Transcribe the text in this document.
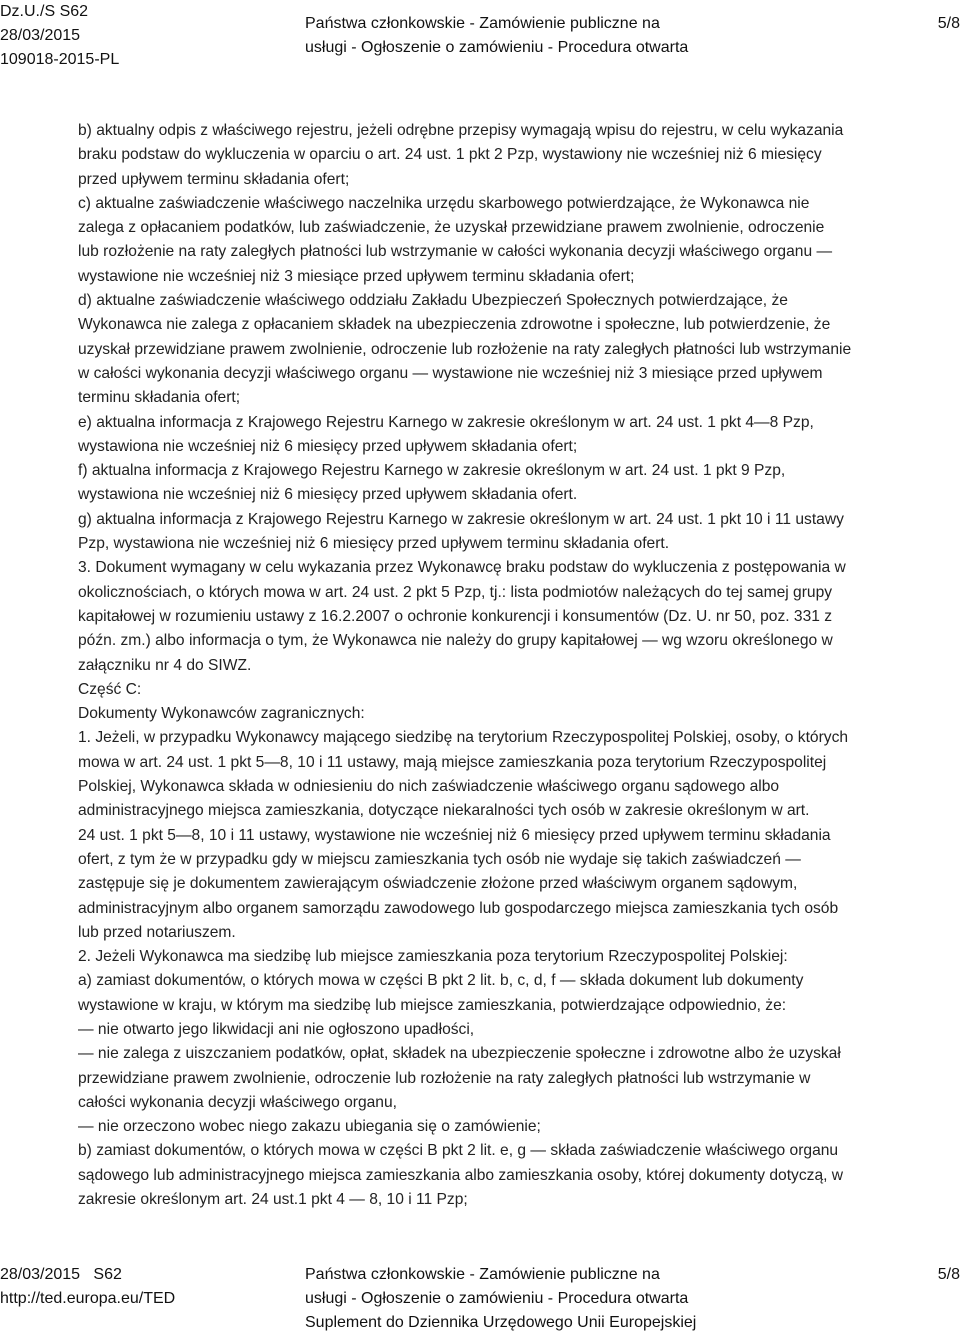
Dz.U./S S62
28/03/2015
109018-2015-PL
Państwa członkowskie - Zamówienie publiczne na
usługi - Ogłoszenie o zamówieniu - Procedura otwarta
5/8

b) aktualny odpis z właściwego rejestru, jeżeli odrębne przepisy wymagają wpisu do rejestru, w celu wykazania

braku podstaw do wykluczenia w oparciu o art. 24 ust. 1 pkt 2 Pzp, wystawiony nie wcześniej niż 6 miesięcy

przed upływem terminu składania ofert;

c) aktualne zaświadczenie właściwego naczelnika urzędu skarbowego potwierdzające, że Wykonawca nie

zalega z opłacaniem podatków, lub zaświadczenie, że uzyskał przewidziane prawem zwolnienie, odroczenie

lub rozłożenie na raty zaległych płatności lub wstrzymanie w całości wykonania decyzji właściwego organu —

wystawione nie wcześniej niż 3 miesiące przed upływem terminu składania ofert;

d) aktualne zaświadczenie właściwego oddziału Zakładu Ubezpieczeń Społecznych potwierdzające, że

Wykonawca nie zalega z opłacaniem składek na ubezpieczenia zdrowotne i społeczne, lub potwierdzenie, że

uzyskał przewidziane prawem zwolnienie, odroczenie lub rozłożenie na raty zaległych płatności lub wstrzymanie

w całości wykonania decyzji właściwego organu — wystawione nie wcześniej niż 3 miesiące przed upływem

terminu składania ofert;

e) aktualna informacja z Krajowego Rejestru Karnego w zakresie określonym w art. 24 ust. 1 pkt 4—8 Pzp,

wystawiona nie wcześniej niż 6 miesięcy przed upływem składania ofert;

f) aktualna informacja z Krajowego Rejestru Karnego w zakresie określonym w art. 24 ust. 1 pkt 9 Pzp,

wystawiona nie wcześniej niż 6 miesięcy przed upływem składania ofert.

g) aktualna informacja z Krajowego Rejestru Karnego w zakresie określonym w art. 24 ust. 1 pkt 10 i 11 ustawy

Pzp, wystawiona nie wcześniej niż 6 miesięcy przed upływem terminu składania ofert.

3. Dokument wymagany w celu wykazania przez Wykonawcę braku podstaw do wykluczenia z postępowania w

okolicznościach, o których mowa w art. 24 ust. 2 pkt 5 Pzp, tj.: lista podmiotów należących do tej samej grupy

kapitałowej w rozumieniu ustawy z 16.2.2007 o ochronie konkurencji i konsumentów (Dz. U. nr 50, poz. 331 z

późn. zm.) albo informacja o tym, że Wykonawca nie należy do grupy kapitałowej — wg wzoru określonego w

załączniku nr 4 do SIWZ.

Część C:

Dokumenty Wykonawców zagranicznych:

1. Jeżeli, w przypadku Wykonawcy mającego siedzibę na terytorium Rzeczypospolitej Polskiej, osoby, o których

mowa w art. 24 ust. 1 pkt 5—8, 10 i 11 ustawy, mają miejsce zamieszkania poza terytorium Rzeczypospolitej

Polskiej, Wykonawca składa w odniesieniu do nich zaświadczenie właściwego organu sądowego albo

administracyjnego miejsca zamieszkania, dotyczące niekaralności tych osób w zakresie określonym w art.

24 ust. 1 pkt 5—8, 10 i 11 ustawy, wystawione nie wcześniej niż 6 miesięcy przed upływem terminu składania

ofert, z tym że w przypadku gdy w miejscu zamieszkania tych osób nie wydaje się takich zaświadczeń —

zastępuje się je dokumentem zawierającym oświadczenie złożone przed właściwym organem sądowym,

administracyjnym albo organem samorządu zawodowego lub gospodarczego miejsca zamieszkania tych osób

lub przed notariuszem.

2. Jeżeli Wykonawca ma siedzibę lub miejsce zamieszkania poza terytorium Rzeczypospolitej Polskiej:

a) zamiast dokumentów, o których mowa w części B pkt 2 lit. b, c, d, f — składa dokument lub dokumenty

wystawione w kraju, w którym ma siedzibę lub miejsce zamieszkania, potwierdzające odpowiednio, że:

— nie otwarto jego likwidacji ani nie ogłoszono upadłości,

— nie zalega z uiszczaniem podatków, opłat, składek na ubezpieczenie społeczne i zdrowotne albo że uzyskał

przewidziane prawem zwolnienie, odroczenie lub rozłożenie na raty zaległych płatności lub wstrzymanie w

całości wykonania decyzji właściwego organu,

— nie orzeczono wobec niego zakazu ubiegania się o zamówienie;

b) zamiast dokumentów, o których mowa w części B pkt 2 lit. e, g — składa zaświadczenie właściwego organu

sądowego lub administracyjnego miejsca zamieszkania albo zamieszkania osoby, której dokumenty dotyczą, w

zakresie określonym art. 24 ust.1 pkt 4 — 8, 10 i 11 Pzp;

28/03/2015   S62
http://ted.europa.eu/TED
Państwa członkowskie - Zamówienie publiczne na
usługi - Ogłoszenie o zamówieniu - Procedura otwarta
Suplement do Dziennika Urzędowego Unii Europejskiej
5/8
